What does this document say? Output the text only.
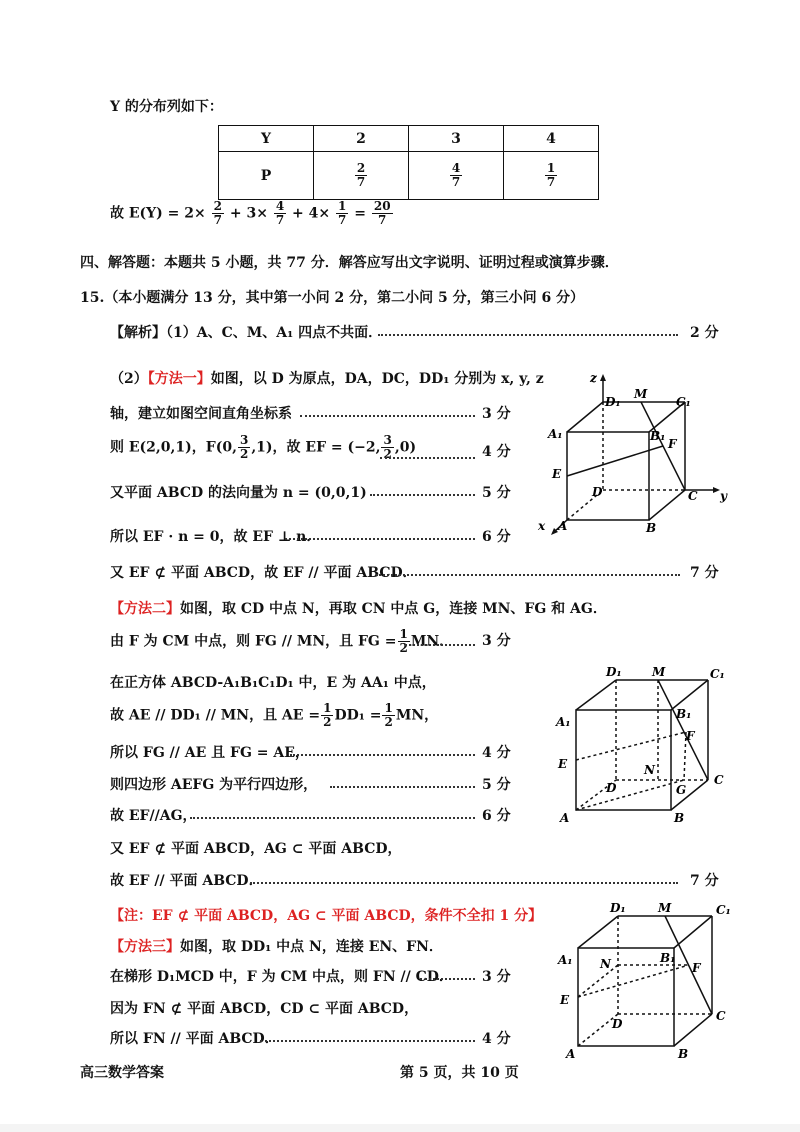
Y 的分布列如下：
Y	2	3	4
P	$\frac{2}{7}$	$\frac{4}{7}$	$\frac{1}{7}$
故 $E(Y) = 2\times \frac{2}{7} + 3\times \frac{4}{7} + 4\times \frac{1}{7} = \frac{20}{7}$
四、解答题：本题共 5 小题，共 77 分．解答应写出文字说明、证明过程或演算步骤．
15.（本小题满分 13 分，其中第一小问 2 分，第二小问 5 分，第三小问 6 分）
【解析】（1）A、C、M、A₁ 四点不共面．	2 分
（2）【方法一】如图，以 D 为原点，DA，DC，DD₁ 分别为 x, y, z
轴，建立如图空间直角坐标系	3 分
则 E(2,0,1)，F(0, $\frac{3}{2} ,1$)，故 EF = (−2, $\frac{3}{2} ,0$)	4 分
又平面 ABCD 的法向量为 n = (0,0,1)	5 分
所以 EF · n = 0，故 EF ⊥ n．	6 分
又 EF ⊄ 平面 ABCD，故 EF // 平面 ABCD．	7 分
z
D₁
M
C₁
A₁	B₁
F
E
D	C y
A	B
x
【方法二】如图，取 CD 中点 N，再取 CN 中点 G，连接 MN、FG 和 AG．
由 F 为 CM 中点，则 FG // MN，且 FG = $\frac{1}{2}$ MN． 3 分
在正方体 ABCD-A₁B₁C₁D₁ 中，E 为 AA₁ 中点，
故 AE // DD₁ // MN，且 AE = $\frac{1}{2} DD_1 = \frac{1}{2}$ MN，
所以 FG // AE 且 FG = AE，	4 分
则四边形 AEFG 为平行四边形，	5 分
故 EF//AG，	6 分
又 EF ⊄ 平面 ABCD，AG ⊂ 平面 ABCD，
故 EF // 平面 ABCD．	7 分
D₁	M	C₁
A₁
B₁
F
E	N
D	G
C
A	B
【注：EF ⊄ 平面 ABCD，AG ⊂ 平面 ABCD，条件不全扣 1 分】
【方法三】如图，取 DD₁ 中点 N，连接 EN、FN．
在梯形 D₁MCD 中，F 为 CM 中点，则 FN // CD． 3 分
因为 FN ⊄ 平面 ABCD，CD ⊂ 平面 ABCD，
所以 FN // 平面 ABCD．	4 分
D₁	M	C₁
A₁ N	B₁
F
E
D
C
A	B
高三数学答案	第 5 页，共 10 页
